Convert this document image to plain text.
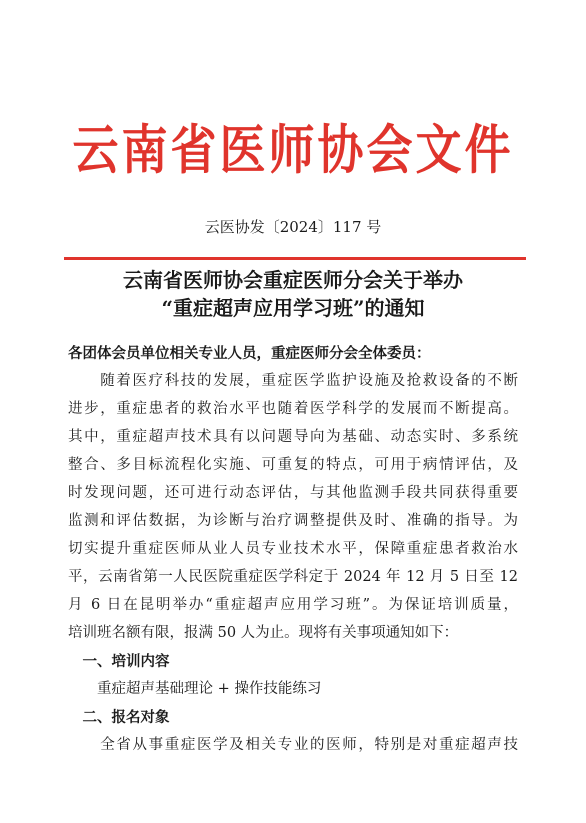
云南省医师协会文件
云医协发〔2024〕117 号
云南省医师协会重症医师分会关于举办
“重症超声应用学习班”的通知
各团体会员单位相关专业人员，重症医师分会全体委员：
　　随着医疗科技的发展，重症医学监护设施及抢救设备的不断
进步，重症患者的救治水平也随着医学科学的发展而不断提高。
其中，重症超声技术具有以问题导向为基础、动态实时、多系统
整合、多目标流程化实施、可重复的特点，可用于病情评估，及
时发现问题，还可进行动态评估，与其他监测手段共同获得重要
监测和评估数据，为诊断与治疗调整提供及时、准确的指导。为
切实提升重症医师从业人员专业技术水平，保障重症患者救治水
平，云南省第一人民医院重症医学科定于 2024 年 12 月 5 日至 12
月 6 日在昆明举办“重症超声应用学习班”。为保证培训质量，
培训班名额有限，报满 50 人为止。现将有关事项通知如下：
　一、培训内容
　　重症超声基础理论 + 操作技能练习
　二、报名对象
　　全省从事重症医学及相关专业的医师，特别是对重症超声技
